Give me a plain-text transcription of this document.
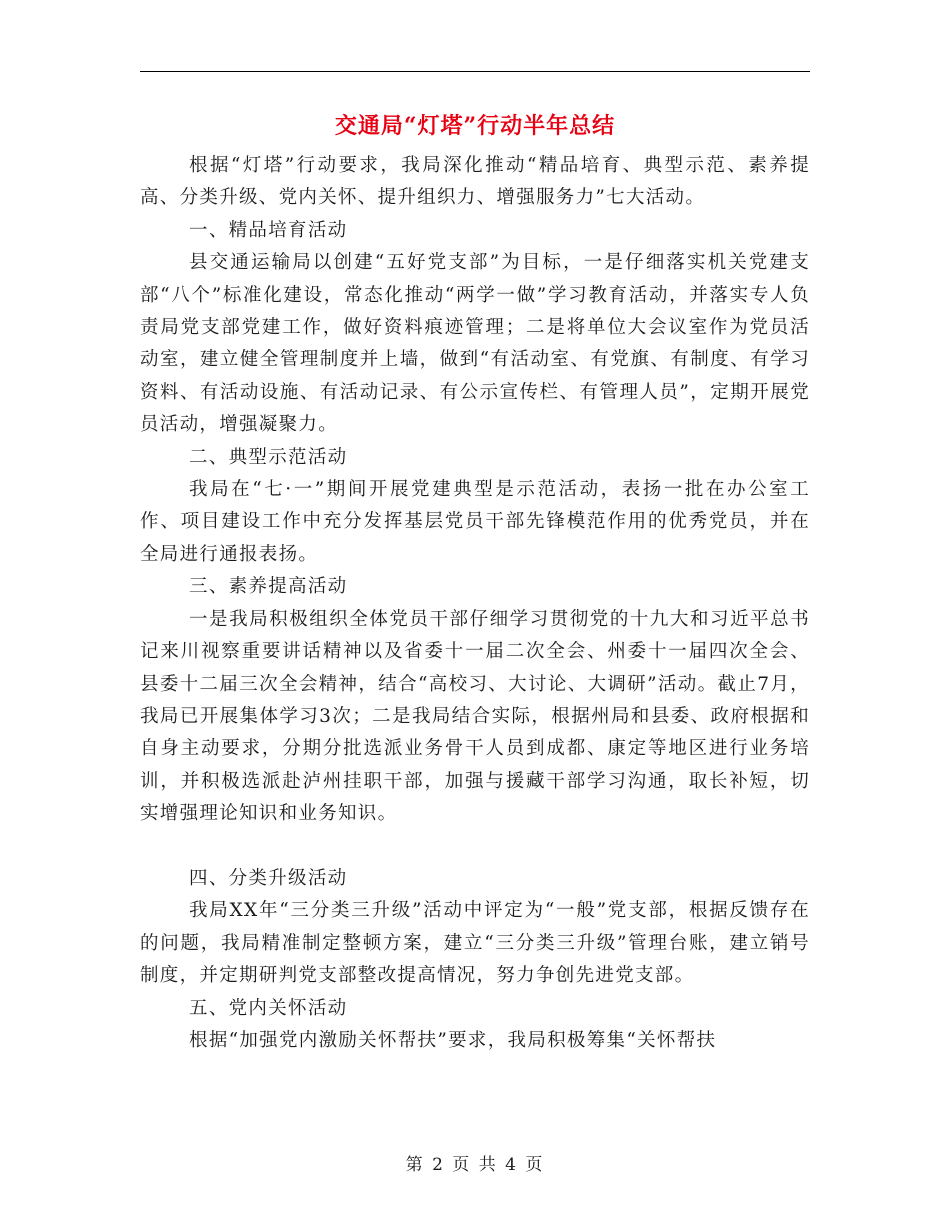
交通局“灯塔”行动半年总结

根据“灯塔”行动要求，我局深化推动“精品培育、典型示范、素养提高、分类升级、党内关怀、提升组织力、增强服务力”七大活动。

一、精品培育活动

县交通运输局以创建“五好党支部”为目标，一是仔细落实机关党建支部“八个”标准化建设，常态化推动“两学一做”学习教育活动，并落实专人负责局党支部党建工作，做好资料痕迹管理；二是将单位大会议室作为党员活动室，建立健全管理制度并上墙，做到“有活动室、有党旗、有制度、有学习资料、有活动设施、有活动记录、有公示宣传栏、有管理人员”，定期开展党员活动，增强凝聚力。

二、典型示范活动

我局在“七·一”期间开展党建典型是示范活动，表扬一批在办公室工作、项目建设工作中充分发挥基层党员干部先锋模范作用的优秀党员，并在全局进行通报表扬。

三、素养提高活动

一是我局积极组织全体党员干部仔细学习贯彻党的十九大和习近平总书记来川视察重要讲话精神以及省委十一届二次全会、州委十一届四次全会、县委十二届三次全会精神，结合“高校习、大讨论、大调研”活动。截止7月，我局已开展集体学习3次；二是我局结合实际，根据州局和县委、政府根据和自身主动要求，分期分批选派业务骨干人员到成都、康定等地区进行业务培训，并积极选派赴泸州挂职干部，加强与援藏干部学习沟通，取长补短，切实增强理论知识和业务知识。

四、分类升级活动

我局XX年“三分类三升级”活动中评定为“一般”党支部，根据反馈存在的问题，我局精准制定整顿方案，建立“三分类三升级”管理台账，建立销号制度，并定期研判党支部整改提高情况，努力争创先进党支部。

五、党内关怀活动

根据“加强党内激励关怀帮扶”要求，我局积极筹集“关怀帮扶

第 2 页 共 4 页
